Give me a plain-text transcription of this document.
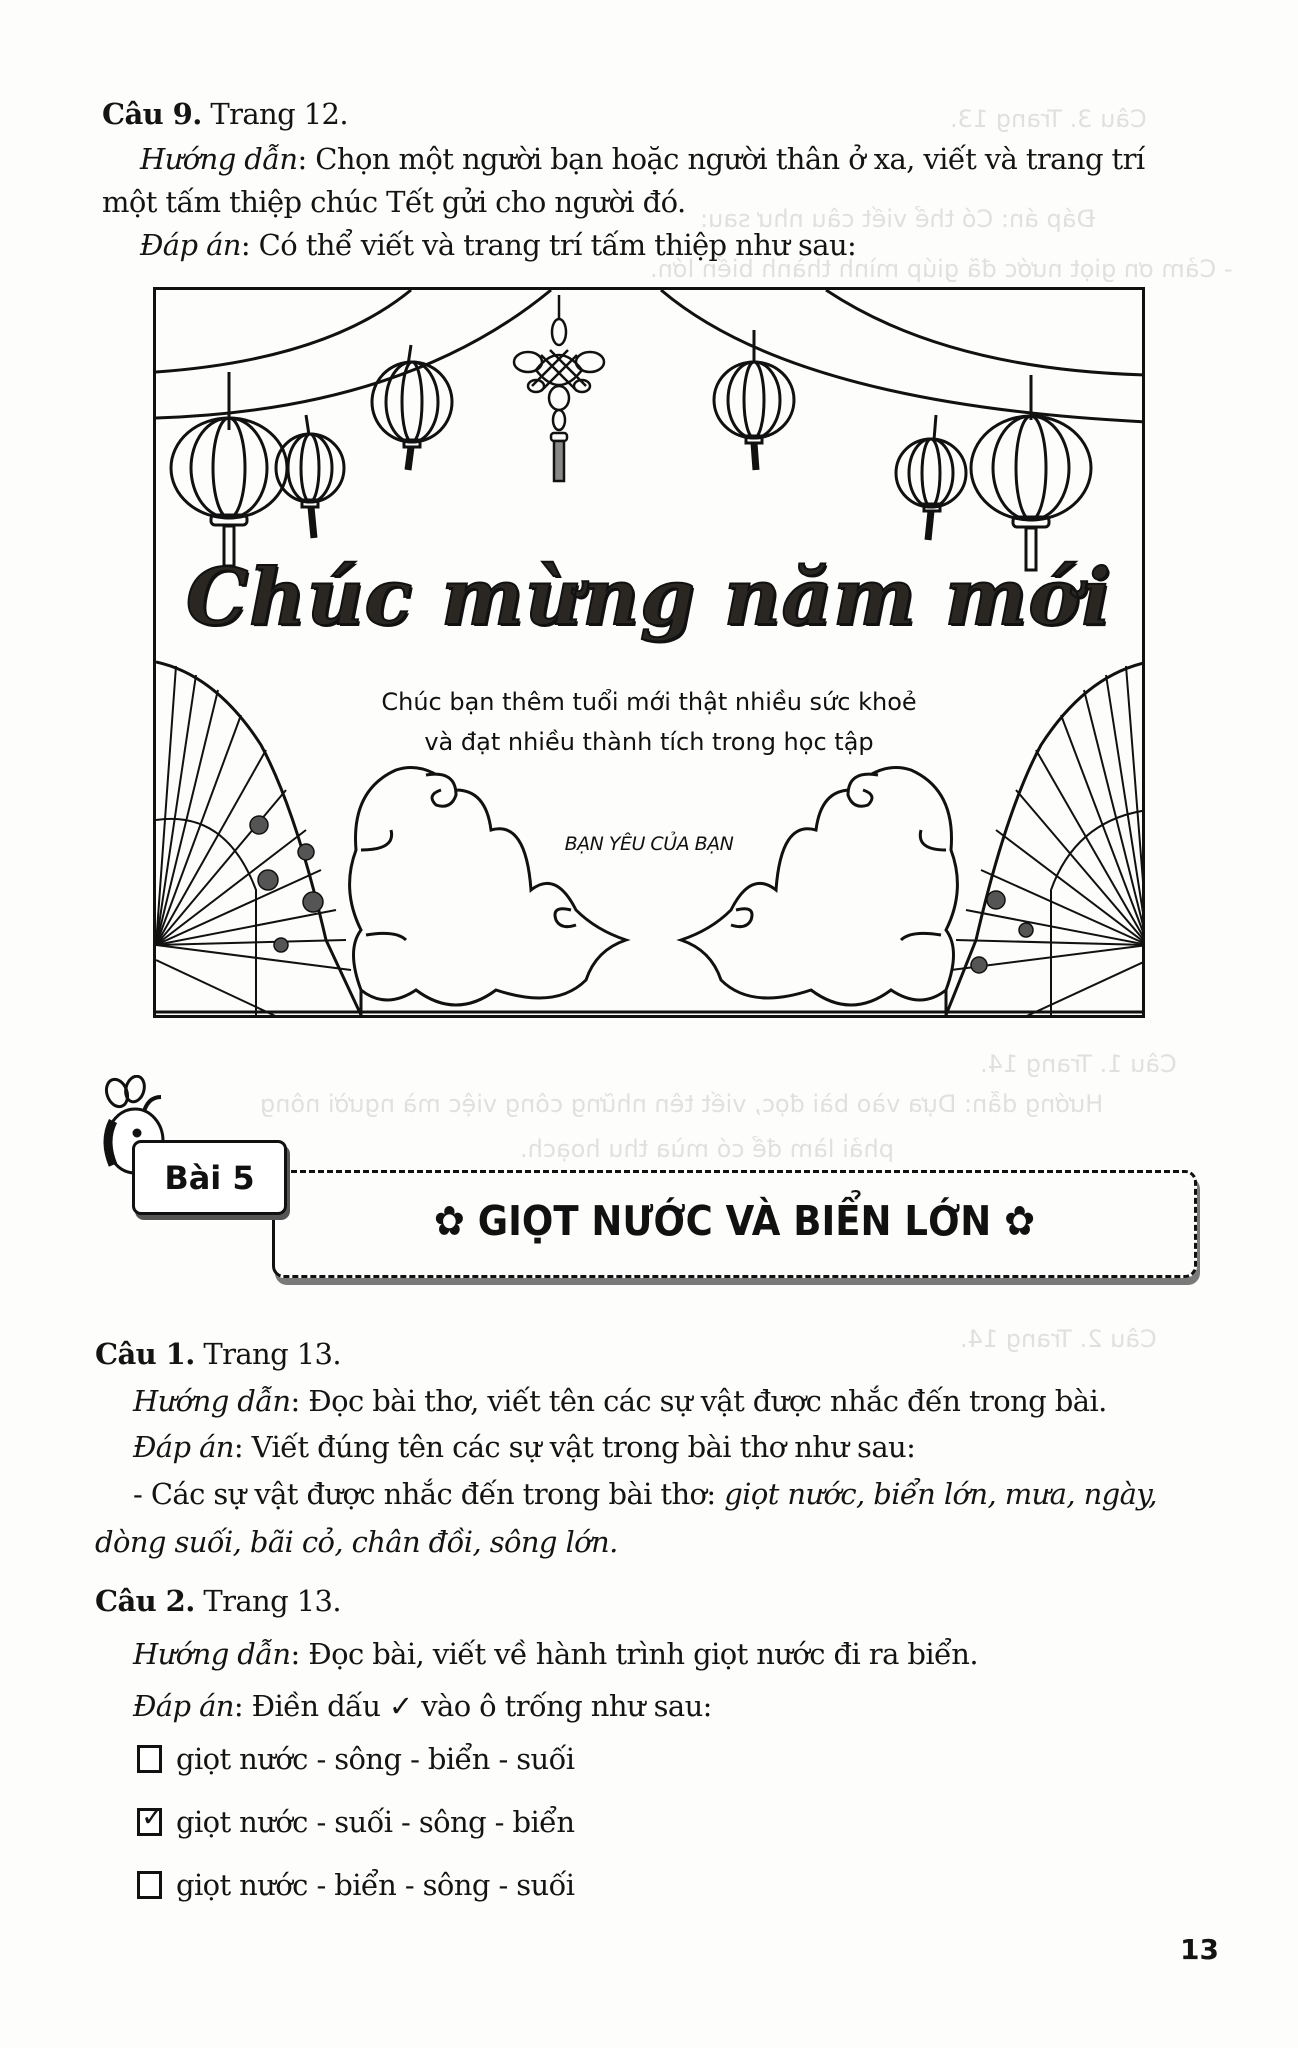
Câu 3. Trang 13.
Đáp án: Có thể viết câu như sau:
- Cảm ơn giọt nước đã giúp mình thành biển lớn.
Hướng dẫn: Dựa vào bài đọc, viết tên những công việc mà người nông
phải làm để có mùa thu hoạch.
Câu 1. Trang 14.
Câu 2. Trang 14.
Câu 9. Trang 12.
Hướng dẫn: Chọn một người bạn hoặc người thân ở xa, viết và trang trí
một tấm thiệp chúc Tết gửi cho người đó.
Đáp án: Có thể viết và trang trí tấm thiệp như sau:
Chúc mừng năm mới
Chúc bạn thêm tuổi mới thật nhiều sức khoẻ
và đạt nhiều thành tích trong học tập
BẠN YÊU CỦA BẠN
Bài 5
✿ GIỌT NƯỚC VÀ BIỂN LỚN ✿
Câu 1. Trang 13.
Hướng dẫn: Đọc bài thơ, viết tên các sự vật được nhắc đến trong bài.
Đáp án: Viết đúng tên các sự vật trong bài thơ như sau:
- Các sự vật được nhắc đến trong bài thơ: giọt nước, biển lớn, mưa, ngày,
dòng suối, bãi cỏ, chân đồi, sông lớn.
Câu 2. Trang 13.
Hướng dẫn: Đọc bài, viết về hành trình giọt nước đi ra biển.
Đáp án: Điền dấu ✓ vào ô trống như sau:
giọt nước - sông - biển - suối
✓ giọt nước - suối - sông - biển
giọt nước - biển - sông - suối
13
